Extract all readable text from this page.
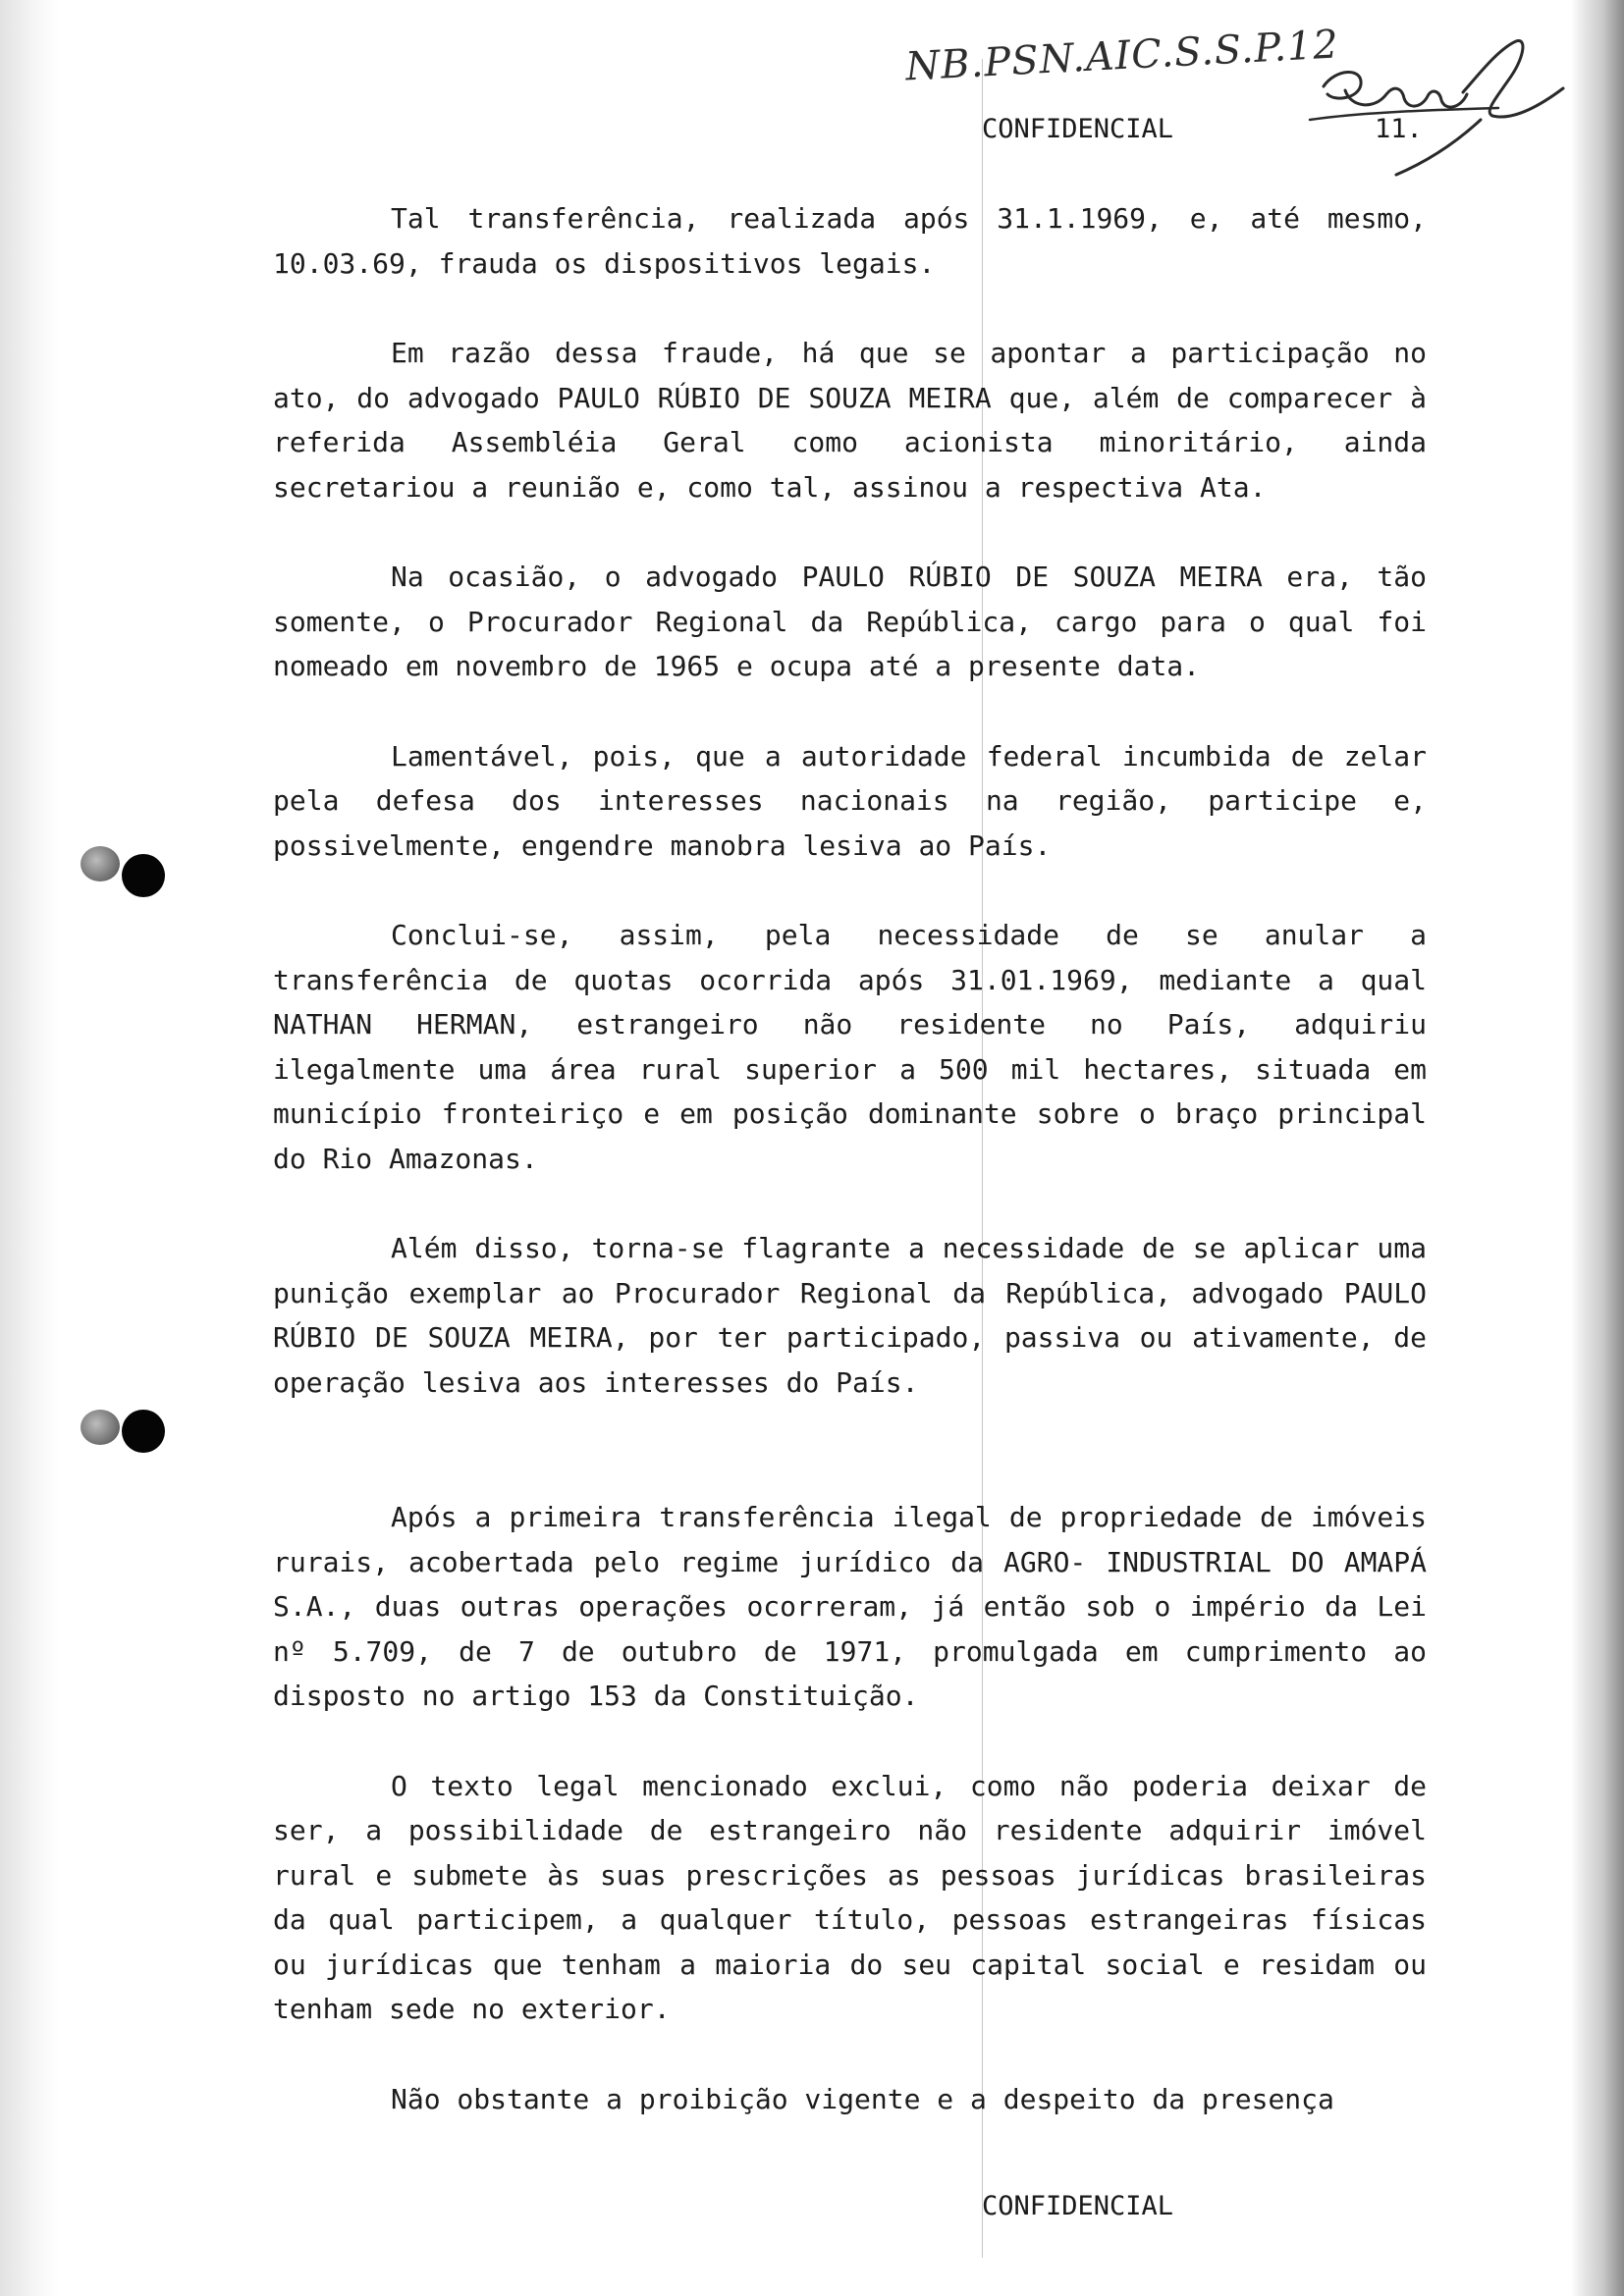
NB.PSN.AIC.S.S.P.12
CONFIDENCIAL	11.

Tal transferência, realizada após 31.1.1969, e, até mesmo, 10.03.69, frauda os dispositivos legais.

Em razão dessa fraude, há que se apontar a participação no ato, do advogado PAULO RÚBIO DE SOUZA MEIRA que, além de comparecer à referida Assembléia Geral como acionista minoritário, ainda secretariou a reunião e, como tal, assinou a respectiva Ata.

Na ocasião, o advogado PAULO RÚBIO DE SOUZA MEIRA era, tão somente, o Procurador Regional da República, cargo para o qual foi nomeado em novembro de 1965 e ocupa até a presente data.

Lamentável, pois, que a autoridade federal incumbida de zelar pela defesa dos interesses nacionais na região, participe e, possivelmente, engendre manobra lesiva ao País.

Conclui-se, assim, pela necessidade de se anular a transferência de quotas ocorrida após 31.01.1969, mediante a qual NATHAN HERMAN, estrangeiro não residente no País, adquiriu ilegalmente uma área rural superior a 500 mil hectares, situada em município fronteiriço e em posição dominante sobre o braço principal do Rio Amazonas.

Além disso, torna-se flagrante a necessidade de se aplicar uma punição exemplar ao Procurador Regional da República, advogado PAULO RÚBIO DE SOUZA MEIRA, por ter participado, passiva ou ativamente, de operação lesiva aos interesses do País.

Após a primeira transferência ilegal de propriedade de imóveis rurais, acobertada pelo regime jurídico da AGRO- INDUSTRIAL DO AMAPÁ S.A., duas outras operações ocorreram, já então sob o império da Lei nº 5.709, de 7 de outubro de 1971, promulgada em cumprimento ao disposto no artigo 153 da Constituição.

O texto legal mencionado exclui, como não poderia deixar de ser, a possibilidade de estrangeiro não residente adquirir imóvel rural e submete às suas prescrições as pessoas jurídicas brasileiras da qual participem, a qualquer título, pessoas estrangeiras físicas ou jurídicas que tenham a maioria do seu capital social e residam ou tenham sede no exterior.

Não obstante a proibição vigente e a despeito da presença

CONFIDENCIAL
